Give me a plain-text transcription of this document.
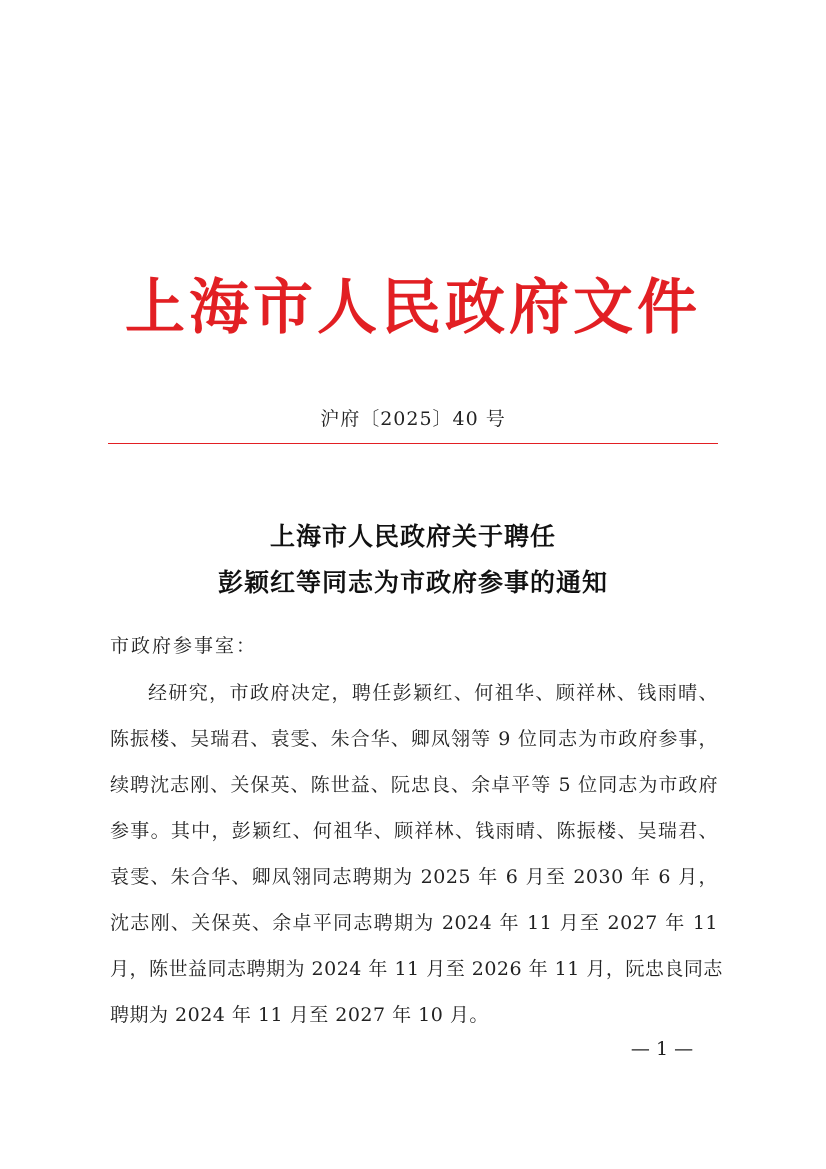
上海市人民政府文件
沪府〔2025〕40 号
上海市人民政府关于聘任
彭颖红等同志为市政府参事的通知
市政府参事室：
经研究，市政府决定，聘任彭颖红、何祖华、顾祥林、钱雨晴、
陈振楼、吴瑞君、袁雯、朱合华、卿凤翎等 9 位同志为市政府参事，
续聘沈志刚、关保英、陈世益、阮忠良、余卓平等 5 位同志为市政府
参事。其中，彭颖红、何祖华、顾祥林、钱雨晴、陈振楼、吴瑞君、
袁雯、朱合华、卿凤翎同志聘期为 2025 年 6 月至 2030 年 6 月，
沈志刚、关保英、余卓平同志聘期为 2024 年 11 月至 2027 年 11
月，陈世益同志聘期为 2024 年 11 月至 2026 年 11 月，阮忠良同志
聘期为 2024 年 11 月至 2027 年 10 月。
— 1 —
